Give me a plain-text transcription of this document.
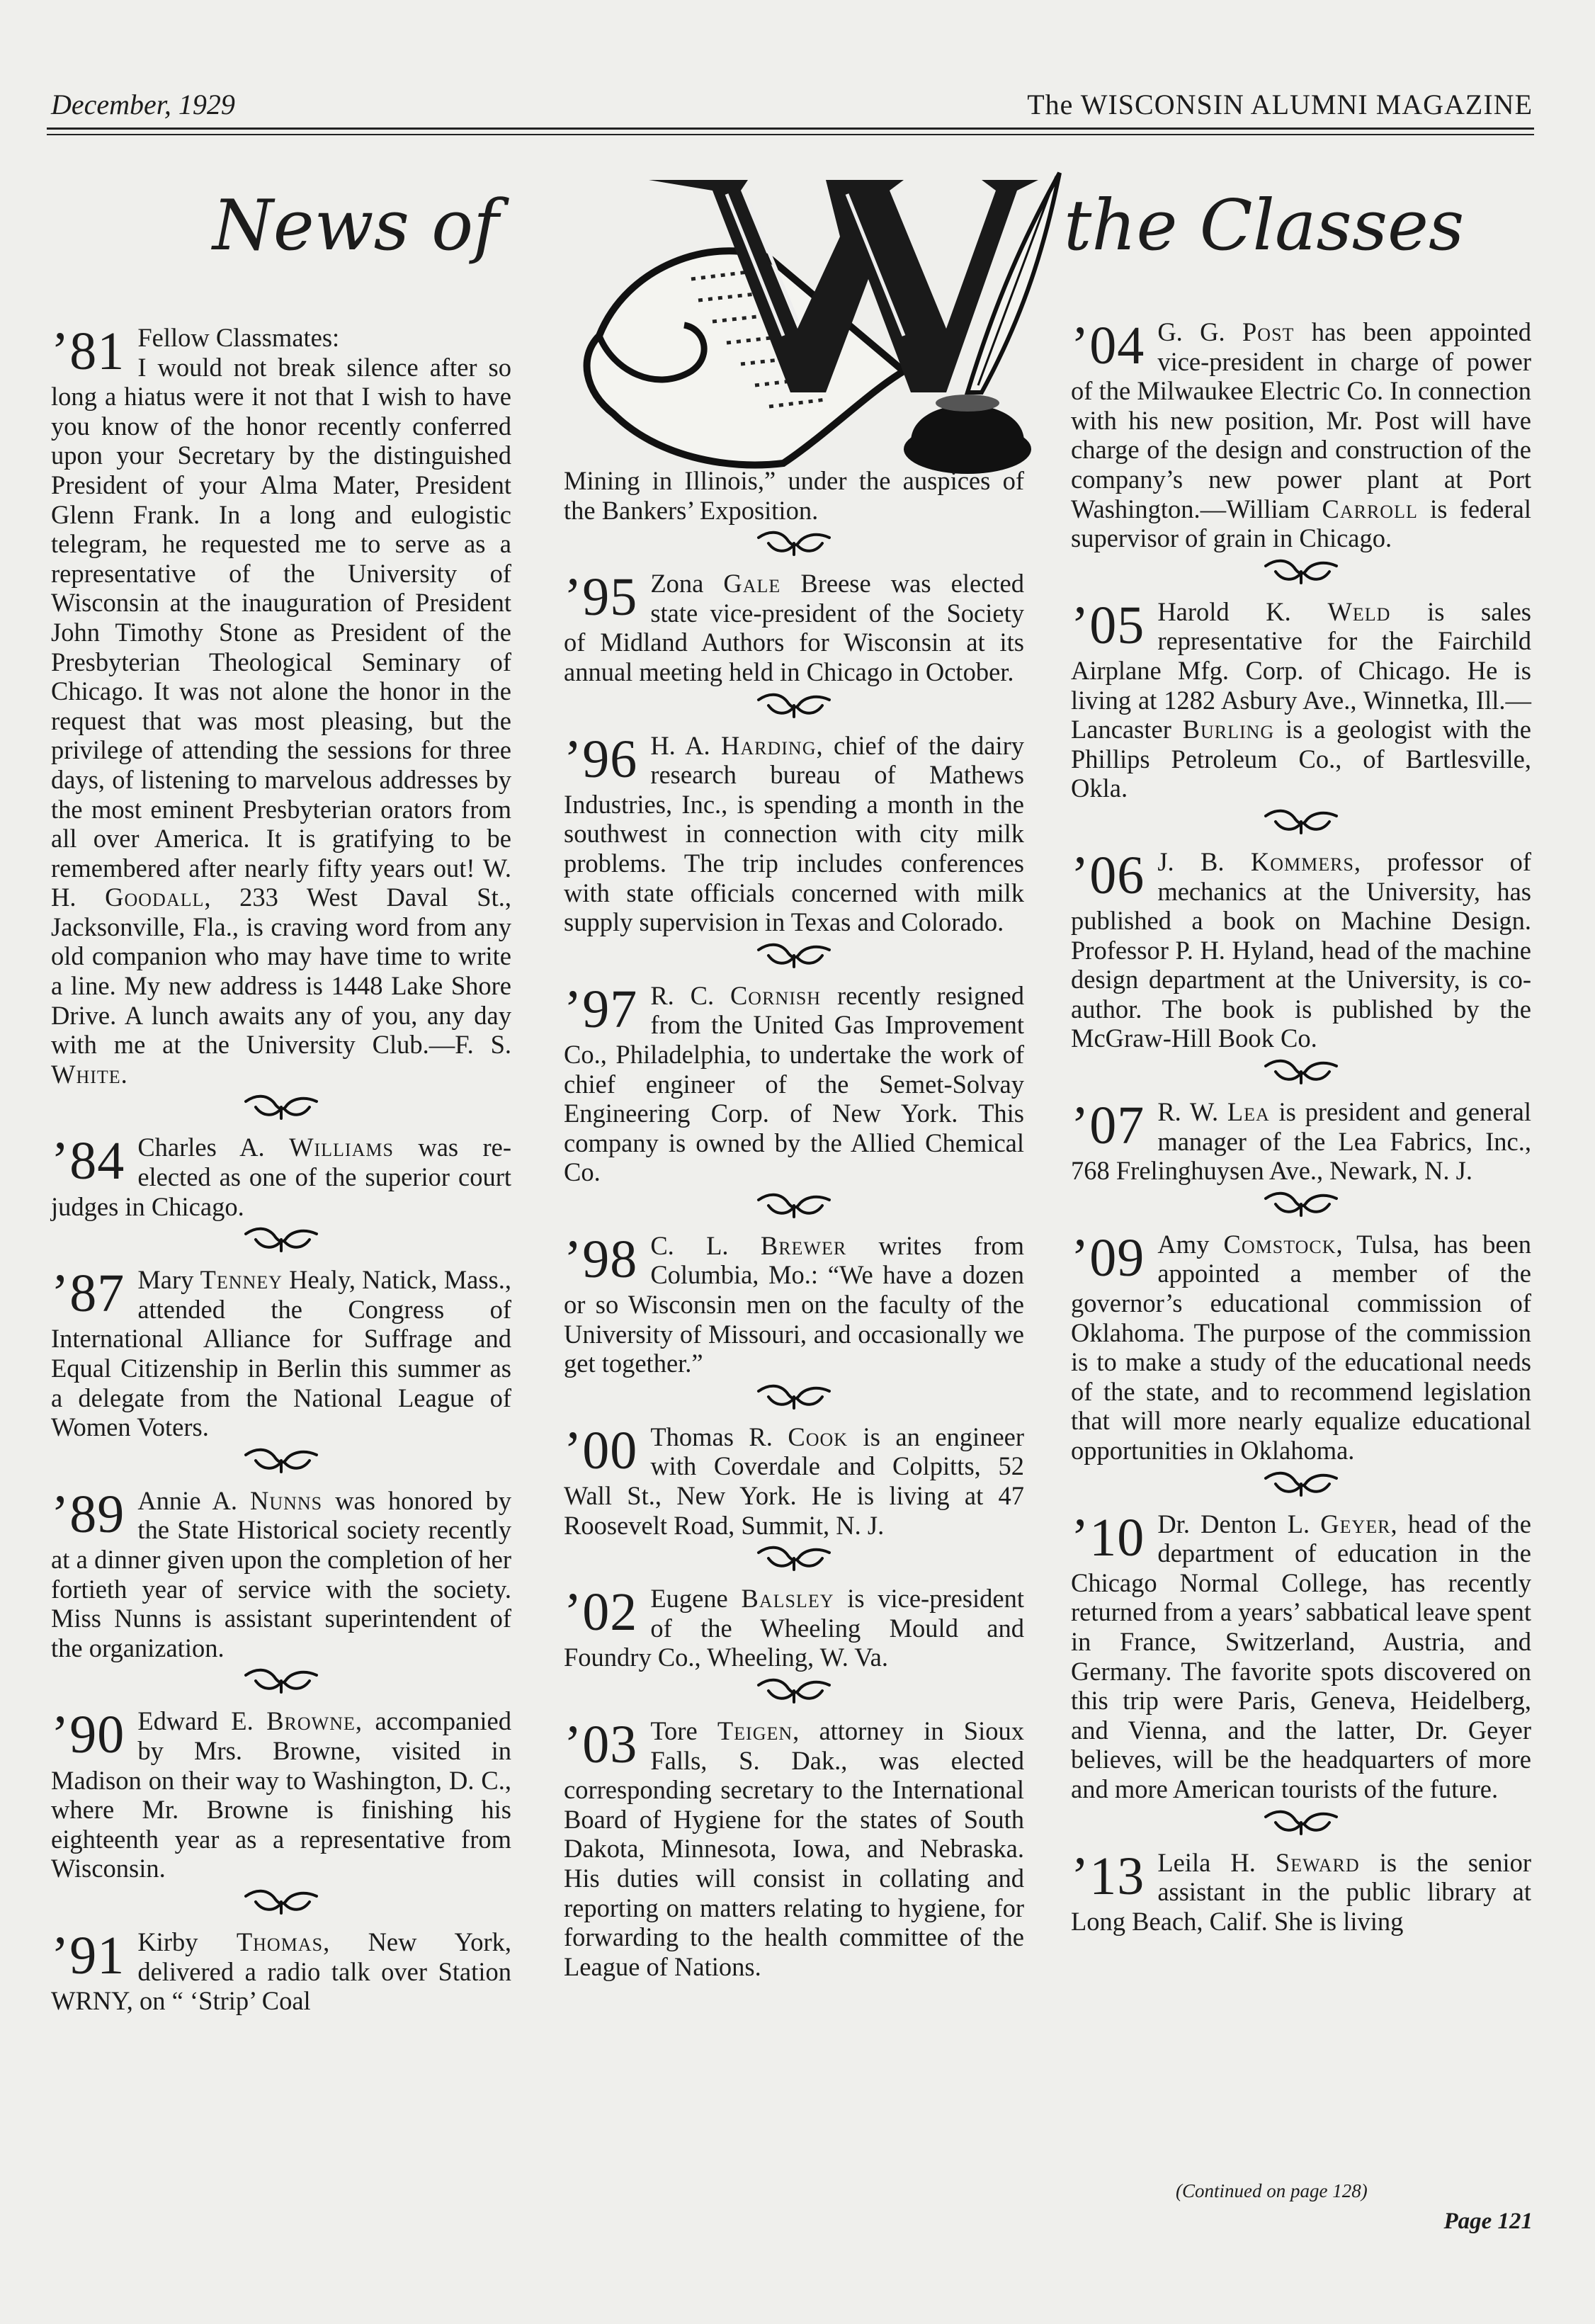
December, 1929	The WISCONSIN ALUMNI MAGAZINE
News of	the Classes
’81 Fellow Classmates:
I would not break silence after so long a hiatus were it not that I wish to have you know of the honor recently conferred upon your Secretary by the distinguished President of your Alma Mater, President Glenn Frank. In a long and eulogistic telegram, he requested me to serve as a representative of the University of Wisconsin at the inauguration of President John Timothy Stone as President of the Presbyterian Theological Seminary of Chicago. It was not alone the honor in the request that was most pleasing, but the privilege of attending the sessions for three days, of listening to marvelous addresses by the most eminent Presbyterian orators from all over America. It is gratifying to be remembered after nearly fifty years out! W. H. Goodall, 233 West Daval St., Jacksonville, Fla., is craving word from any old companion who may have time to write a line. My new address is 1448 Lake Shore Drive. A lunch awaits any of you, any day with me at the University Club.—F. S. White.

’84 Charles A. Williams was re-elected as one of the superior court judges in Chicago.

’87 Mary Tenney Healy, Natick, Mass., attended the Congress of International Alliance for Suffrage and Equal Citizenship in Berlin this summer as a delegate from the National League of Women Voters.

’89 Annie A. Nunns was honored by the State Historical society recently at a dinner given upon the completion of her fortieth year of service with the society. Miss Nunns is assistant superintendent of the organization.

’90 Edward E. Browne, accompanied by Mrs. Browne, visited in Madison on their way to Washington, D. C., where Mr. Browne is finishing his eighteenth year as a representative from Wisconsin.

’91 Kirby Thomas, New York, delivered a radio talk over Station WRNY, on “ ‘Strip’ Coal

Mining in Illinois,” under the auspices of the Bankers’ Exposition.

’95 Zona Gale Breese was elected state vice-president of the Society of Midland Authors for Wisconsin at its annual meeting held in Chicago in October.

’96 H. A. Harding, chief of the dairy research bureau of Mathews Industries, Inc., is spending a month in the southwest in connection with city milk problems. The trip includes conferences with state officials concerned with milk supply supervision in Texas and Colorado.

’97 R. C. Cornish recently resigned from the United Gas Improvement Co., Philadelphia, to undertake the work of chief engineer of the Semet-Solvay Engineering Corp. of New York. This company is owned by the Allied Chemical Co.

’98 C. L. Brewer writes from Columbia, Mo.: “We have a dozen or so Wisconsin men on the faculty of the University of Missouri, and occasionally we get together.”

’00 Thomas R. Cook is an engineer with Coverdale and Colpitts, 52 Wall St., New York. He is living at 47 Roosevelt Road, Summit, N. J.

’02 Eugene Balsley is vice-president of the Wheeling Mould and Foundry Co., Wheeling, W. Va.

’03 Tore Teigen, attorney in Sioux Falls, S. Dak., was elected corresponding secretary to the International Board of Hygiene for the states of South Dakota, Minnesota, Iowa, and Nebraska. His duties will consist in collating and reporting on matters relating to hygiene, for forwarding to the health committee of the League of Nations.

’04 G. G. Post has been appointed vice-president in charge of power of the Milwaukee Electric Co. In connection with his new position, Mr. Post will have charge of the design and construction of the company’s new power plant at Port Washington.—William Carroll is federal supervisor of grain in Chicago.

’05 Harold K. Weld is sales representative for the Fairchild Airplane Mfg. Corp. of Chicago. He is living at 1282 Asbury Ave., Winnetka, Ill.—Lancaster Burling is a geologist with the Phillips Petroleum Co., of Bartlesville, Okla.

’06 J. B. Kommers, professor of mechanics at the University, has published a book on Machine Design. Professor P. H. Hyland, head of the machine design department at the University, is co-author. The book is published by the McGraw-Hill Book Co.

’07 R. W. Lea is president and general manager of the Lea Fabrics, Inc., 768 Frelinghuysen Ave., Newark, N. J.

’09 Amy Comstock, Tulsa, has been appointed a member of the governor’s educational commission of Oklahoma. The purpose of the commission is to make a study of the educational needs of the state, and to recommend legislation that will more nearly equalize educational opportunities in Oklahoma.

’10 Dr. Denton L. Geyer, head of the department of education in the Chicago Normal College, has recently returned from a years’ sabbatical leave spent in France, Switzerland, Austria, and Germany. The favorite spots discovered on this trip were Paris, Geneva, Heidelberg, and Vienna, and the latter, Dr. Geyer believes, will be the headquarters of more and more American tourists of the future.

’13 Leila H. Seward is the senior assistant in the public library at Long Beach, Calif. She is living

(Continued on page 128)
Page 121
